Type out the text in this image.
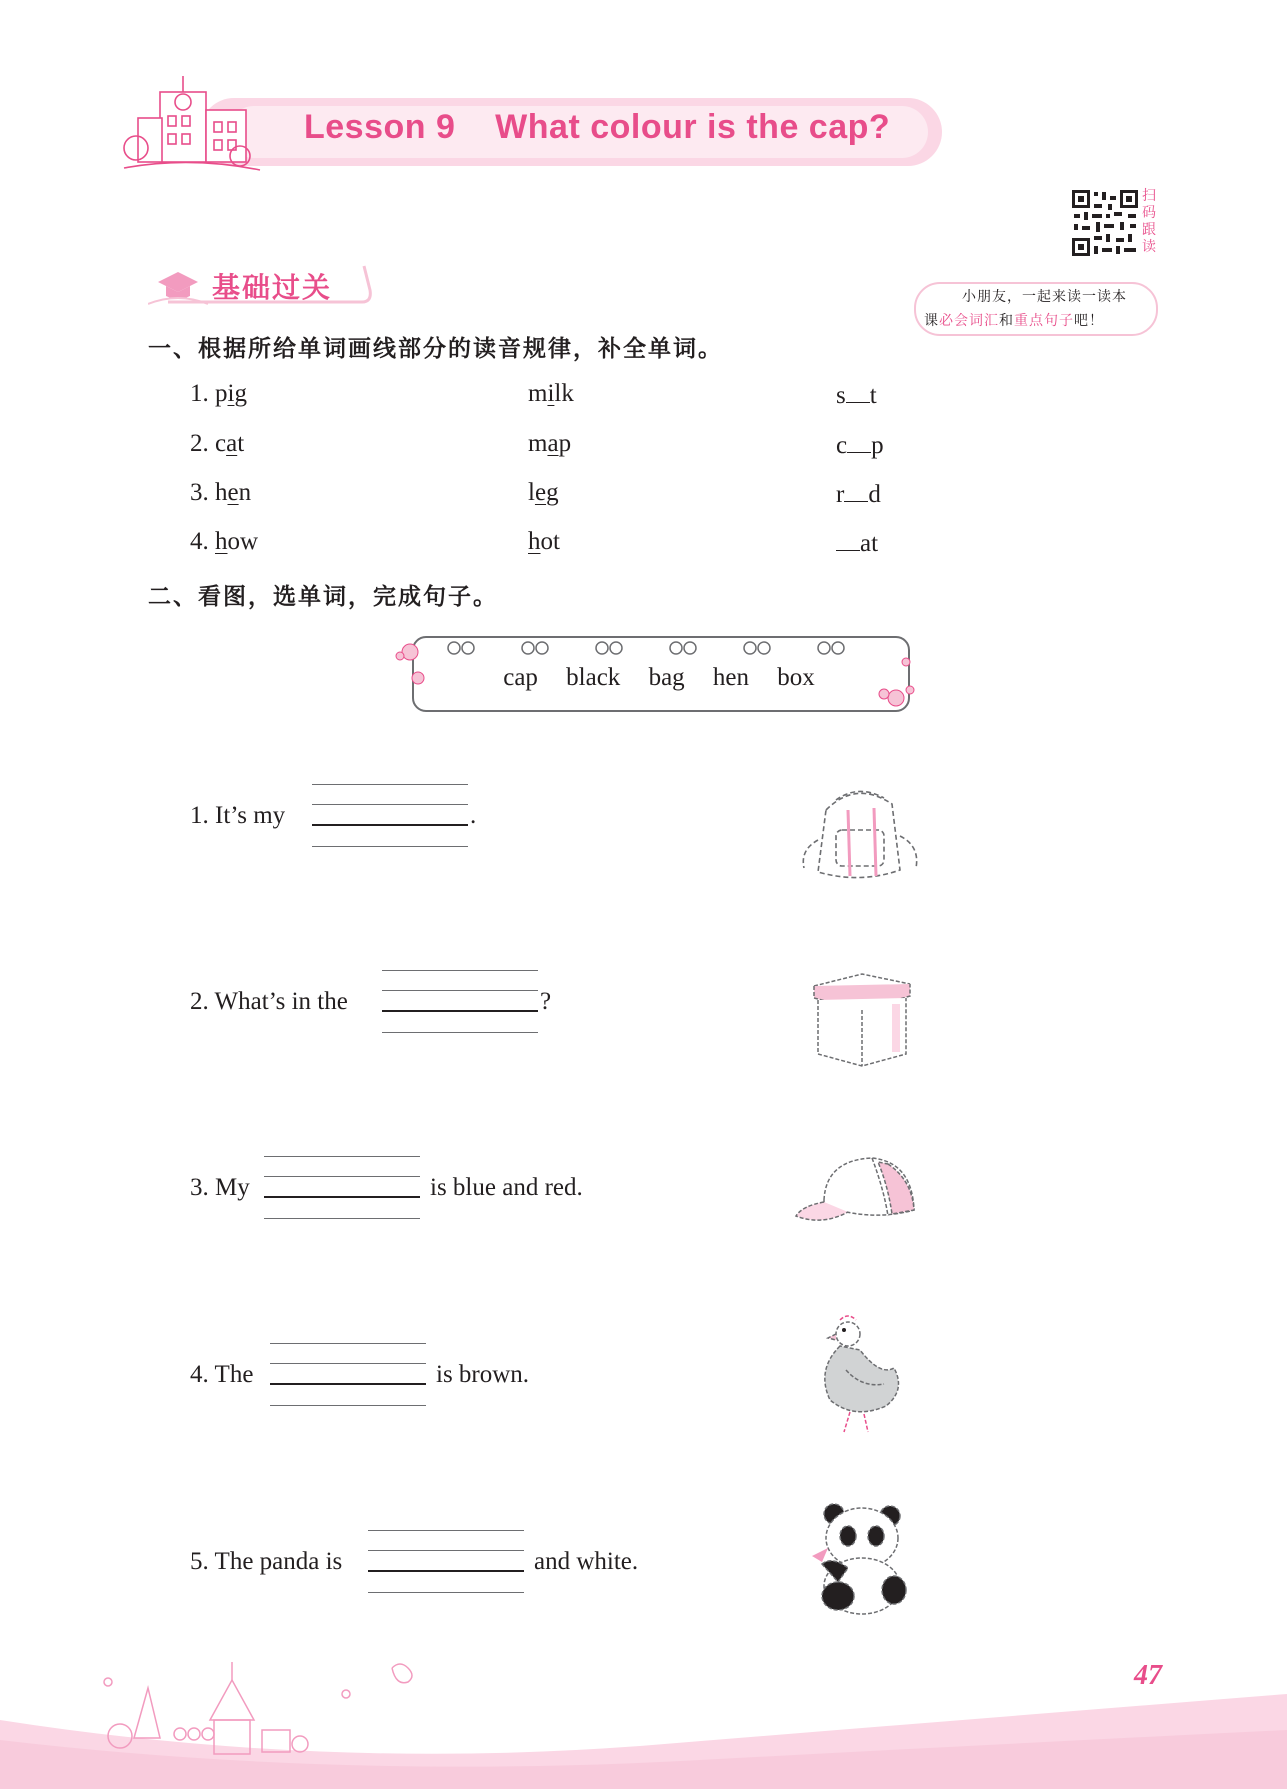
Lesson 9    What colour is the cap?
扫码跟读
小朋友，一起来读一读本
课必会词汇和重点句子吧！
基础过关
一、根据所给单词画线部分的读音规律，补全单词。
1. pig	milk	s t
2. cat	map	c p
3. hen	leg	r d
4. how	hot	at
二、看图，选单词，完成句子。
cap black bag hen box
1. It’s my	.
2. What’s in the	?
3. My	is blue and red.
4. The	is brown.
5. The panda is	and white.
47
